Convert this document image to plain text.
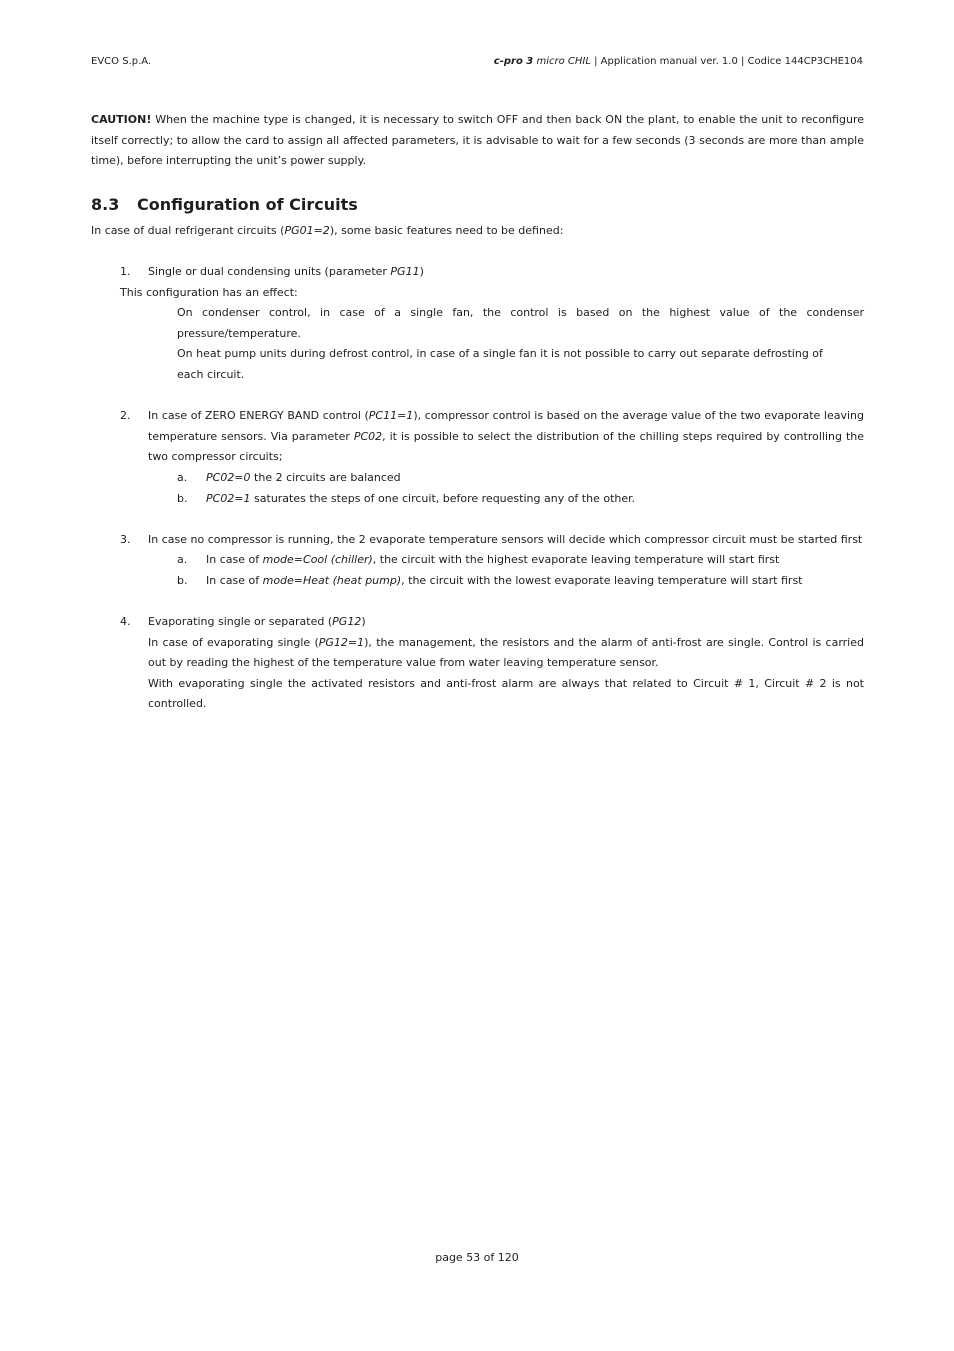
EVCO S.p.A.	c-pro 3 micro CHIL | Application manual ver. 1.0 | Codice 144CP3CHE104

CAUTION! When the machine type is changed, it is necessary to switch OFF and then back ON the plant, to enable the unit to reconfigure itself correctly; to allow the card to assign all affected parameters, it is advisable to wait for a few seconds (3 seconds are more than ample time), before interrupting the unit’s power supply.

8.3 Configuration of Circuits

In case of dual refrigerant circuits (PG01=2), some basic features need to be defined:

1. Single or dual condensing units (parameter PG11)

This configuration has an effect:

On condenser control, in case of a single fan, the control is based on the highest value of the condenser pressure/temperature.

On heat pump units during defrost control, in case of a single fan it is not possible to carry out separate defrosting of each circuit.

2. In case of ZERO ENERGY BAND control (PC11=1), compressor control is based on the average value of the two evaporate leaving temperature sensors. Via parameter PC02, it is possible to select the distribution of the chilling steps required by controlling the two compressor circuits;
a. PC02=0 the 2 circuits are balanced
b. PC02=1 saturates the steps of one circuit, before requesting any of the other.
3. In case no compressor is running, the 2 evaporate temperature sensors will decide which compressor circuit must be started first
a. In case of mode=Cool (chiller), the circuit with the highest evaporate leaving temperature will start first
b. In case of mode=Heat (heat pump), the circuit with the lowest evaporate leaving temperature will start first
4. Evaporating single or separated (PG12)

In case of evaporating single (PG12=1), the management, the resistors and the alarm of anti-frost are single. Control is carried out by reading the highest of the temperature value from water leaving temperature sensor.

With evaporating single the activated resistors and anti-frost alarm are always that related to Circuit # 1, Circuit # 2 is not controlled.

page 53 of 120
